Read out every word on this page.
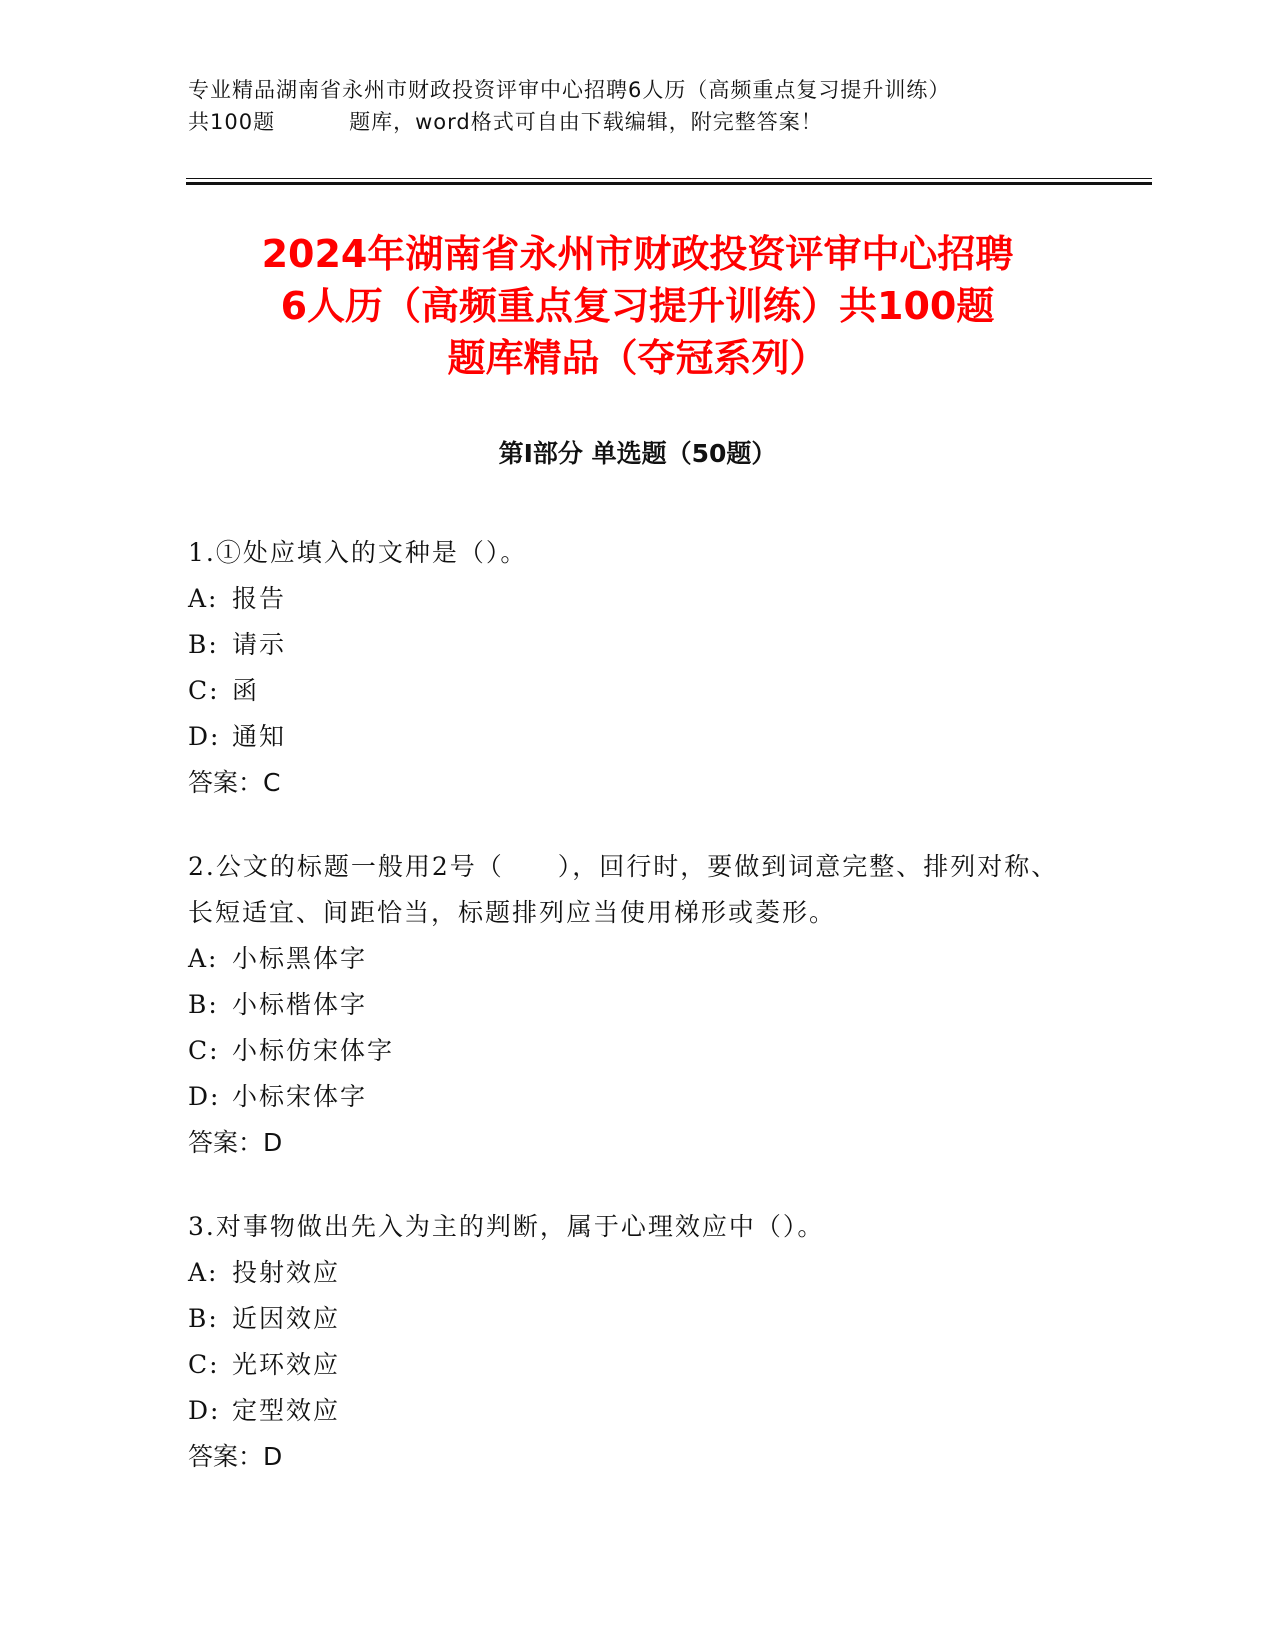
专业精品湖南省永州市财政投资评审中心招聘6人历（高频重点复习提升训练）
共100题	题库，word格式可自由下载编辑，附完整答案！
2024年湖南省永州市财政投资评审中心招聘
6人历（高频重点复习提升训练）共100题
题库精品（夺冠系列）
第I部分 单选题（50题）
1.①处应填入的文种是（）。
A: 报告
B: 请示
C: 函
D: 通知
答案：C
2.公文的标题一般用2号（　　），回行时，要做到词意完整、排列对称、长短适宜、间距恰当，标题排列应当使用梯形或菱形。
A: 小标黑体字
B: 小标楷体字
C: 小标仿宋体字
D: 小标宋体字
答案：D
3.对事物做出先入为主的判断，属于心理效应中（）。
A: 投射效应
B: 近因效应
C: 光环效应
D: 定型效应
答案：D
